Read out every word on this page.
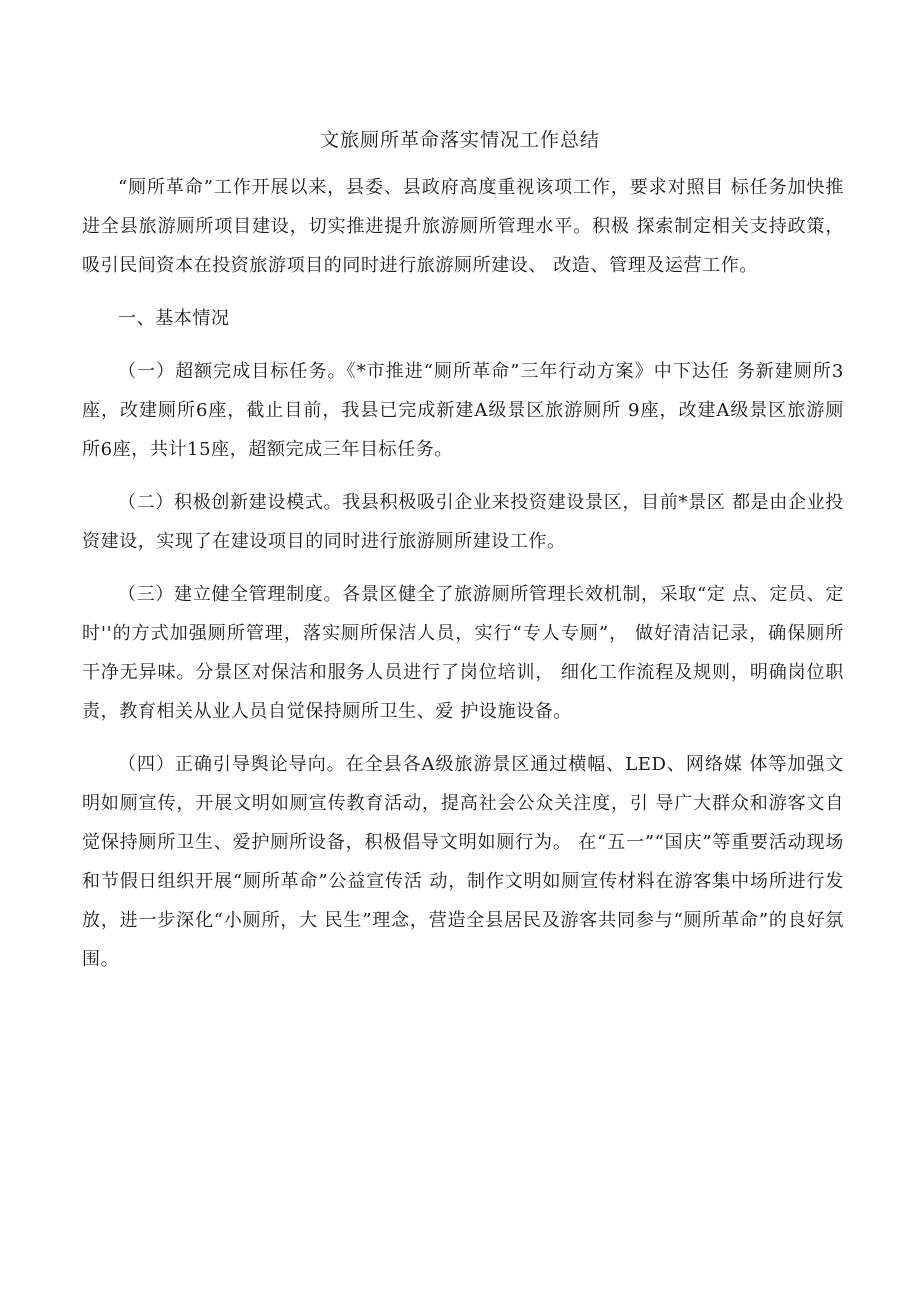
文旅厕所革命落实情况工作总结

“厕所革命”工作开展以来，县委、县政府高度重视该项工作，要求对照目 标任务加快推进全县旅游厕所项目建设，切实推进提升旅游厕所管理水平。积极 探索制定相关支持政策，吸引民间资本在投资旅游项目的同时进行旅游厕所建设、 改造、管理及运营工作。

一、基本情况

（一）超额完成目标任务。《*市推进“厕所革命”三年行动方案》中下达任 务新建厕所3座，改建厕所6座，截止目前，我县已完成新建A级景区旅游厕所 9座，改建A级景区旅游厕所6座，共计15座，超额完成三年目标任务。

（二）积极创新建设模式。我县积极吸引企业来投资建设景区，目前*景区 都是由企业投资建设，实现了在建设项目的同时进行旅游厕所建设工作。

（三）建立健全管理制度。各景区健全了旅游厕所管理长效机制，采取“定 点、定员、定时''的方式加强厕所管理，落实厕所保洁人员，实行“专人专厕”， 做好清洁记录，确保厕所干净无异味。分景区对保洁和服务人员进行了岗位培训， 细化工作流程及规则，明确岗位职责，教育相关从业人员自觉保持厕所卫生、爱 护设施设备。

（四）正确引导舆论导向。在全县各A级旅游景区通过横幅、LED、网络媒 体等加强文明如厕宣传，开展文明如厕宣传教育活动，提高社会公众关注度，引 导广大群众和游客文自觉保持厕所卫生、爱护厕所设备，积极倡导文明如厕行为。 在“五一”“国庆”等重要活动现场和节假日组织开展“厕所革命”公益宣传活 动，制作文明如厕宣传材料在游客集中场所进行发放，进一步深化“小厕所，大 民生”理念，营造全县居民及游客共同参与“厕所革命”的良好氛围。
